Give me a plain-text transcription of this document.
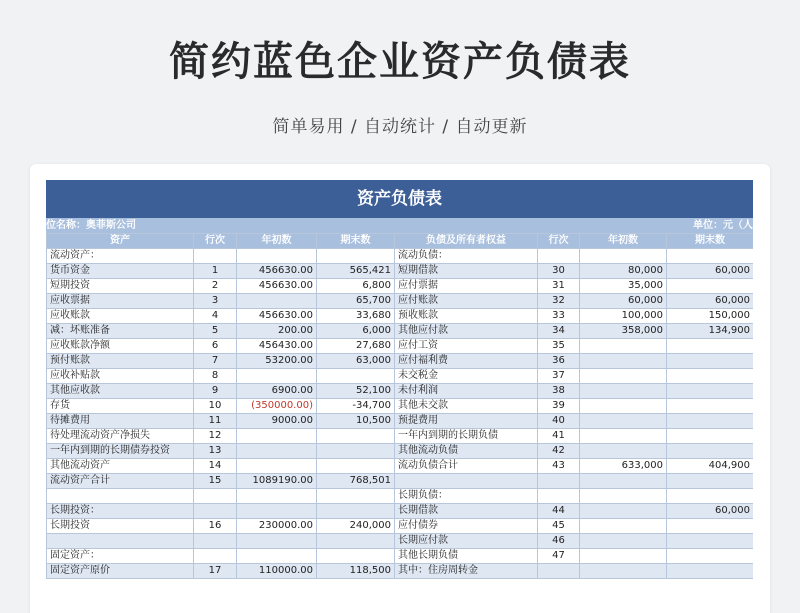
简约蓝色企业资产负债表
简单易用 / 自动统计 / 自动更新
资产负债表
位名称：奥菲斯公司	单位：元（人
资产	行次	年初数	期末数	负债及所有者权益	行次	年初数	期末数
流动资产：				流动负债：			
货币资金	1	456630.00	565,421	短期借款	30	80,000	60,000
短期投资	2	456630.00	6,800	应付票据	31	35,000	
应收票据	3		65,700	应付账款	32	60,000	60,000
应收账款	4	456630.00	33,680	预收账款	33	100,000	150,000
减：坏账准备	5	200.00	6,000	其他应付款	34	358,000	134,900
应收账款净额	6	456430.00	27,680	应付工资	35		
预付账款	7	53200.00	63,000	应付福利费	36		
应收补贴款	8			未交税金	37		
其他应收款	9	6900.00	52,100	未付利润	38		
存货	10	(350000.00)	-34,700	其他未交款	39		
待摊费用	11	9000.00	10,500	预提费用	40		
待处理流动资产净损失	12			一年内到期的长期负债	41		
一年内到期的长期债券投资	13			其他流动负债	42		
其他流动资产	14			流动负债合计	43	633,000	404,900
流动资产合计	15	1089190.00	768,501				
				长期负债：			
长期投资：				长期借款	44		60,000
长期投资	16	230000.00	240,000	应付债券	45		
				长期应付款	46		
固定资产：				其他长期负债	47		
固定资产原价	17	110000.00	118,500	其中：住房周转金			
